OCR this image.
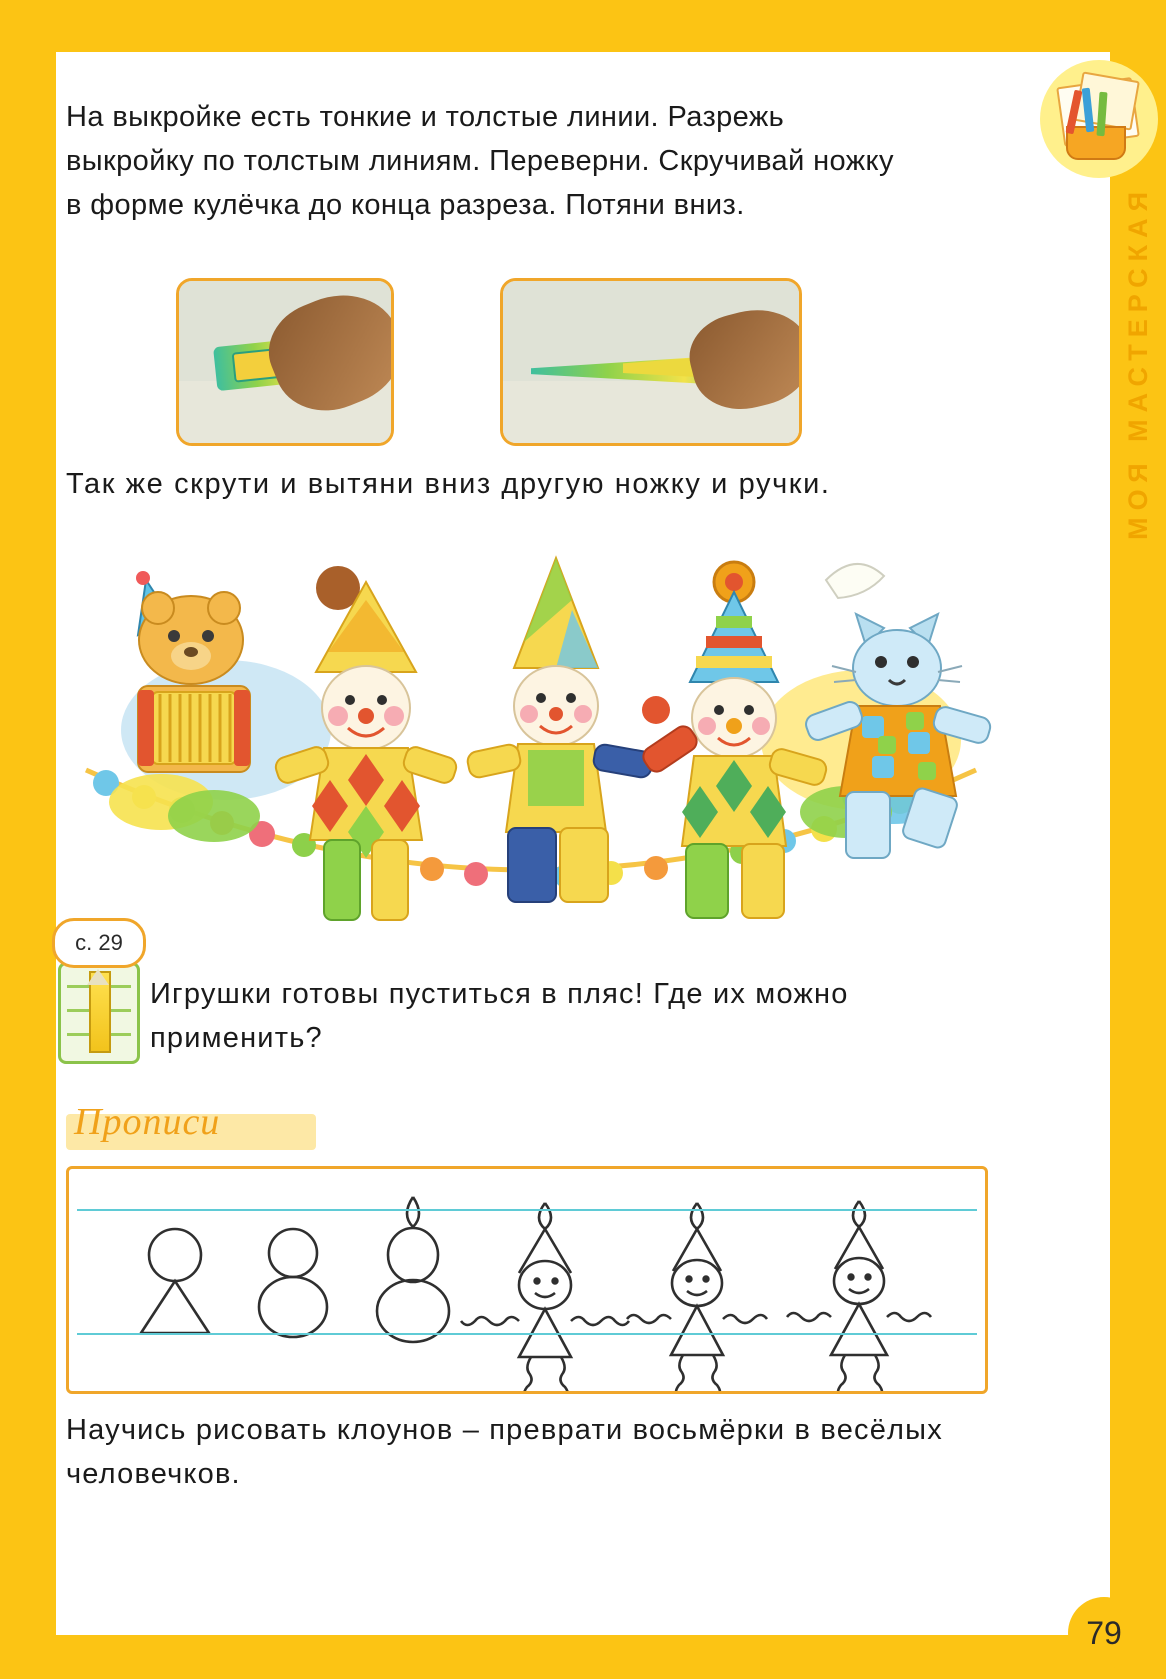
МОЯ МАСТЕРСКАЯ
На выкройке есть тонкие и толстые линии. Разрежь выкройку по толстым линиям. Переверни. Скручивай ножку в форме кулёчка до конца разреза. Потяни вниз.
Так же скрути и вытяни вниз другую ножку и ручки.
с. 29
Игрушки готовы пуститься в пляс! Где их можно применить?
Прописи
Научись рисовать клоунов – преврати восьмёрки в весёлых человечков.
79
